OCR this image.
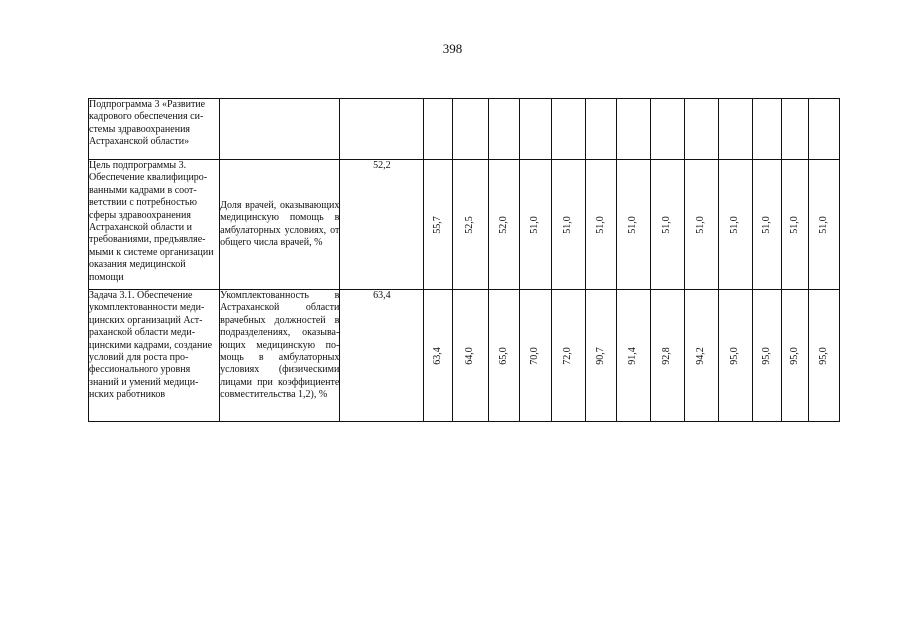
398
Подпрограмма 3 «Развитие кадрового обеспечения системы здравоохранения Астраханской области»															
Цель подпрограммы 3. Обеспечение квалифицированными кадрами в соответствии с потребностью сферы здравоохранения Астраханской области и требованиями, предъявляемыми к системе организации оказания медицинской помощи	Доля врачей, оказывающих медицинскую помощь в амбулаторных условиях, от общего числа врачей, %	52,2	55,7	52,5	52,0	51,0	51,0	51,0	51,0	51,0	51,0	51,0	51,0	51,0	51,0

Задача 3.1. Обеспечение укомплектованности медицинских организаций Астраханской области медицинскими кадрами, создание условий для роста профессионального уровня знаний и умений медицинских работников	Укомплектованность в Астраханской области врачебных должностей в подразделениях, оказывающих медицинскую помощь в амбулаторных условиях (физическими лицами при коэффициенте совместительства 1,2), %	63,4	63,4	64,0	65,0	70,0	72,0	90,7	91,4	92,8	94,2	95,0	95,0	95,0	95,0
